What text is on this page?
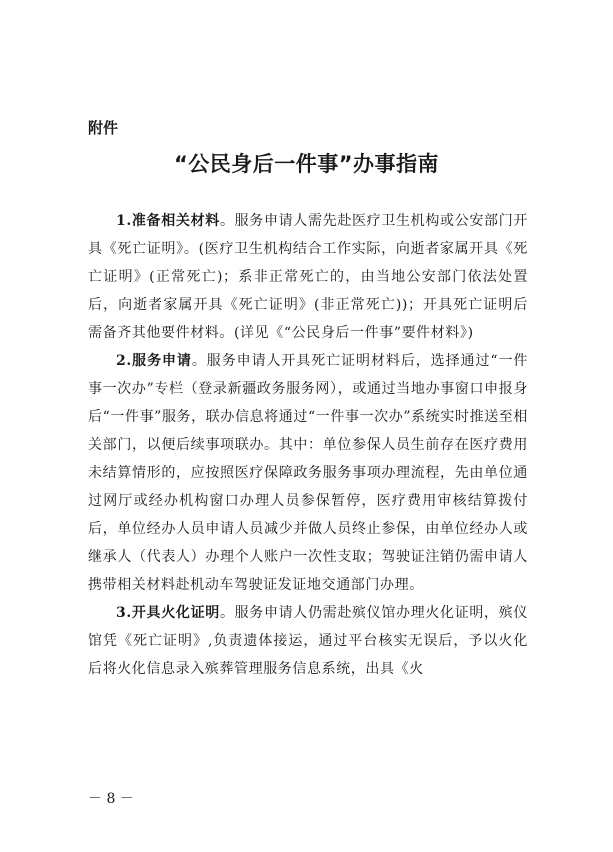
附件
“公民身后一件事”办事指南

1.准备相关材料。服务申请人需先赴医疗卫生机构或公安部门开具《死亡证明》。(医疗卫生机构结合工作实际，向逝者家属开具《死亡证明》(正常死亡)；系非正常死亡的，由当地公安部门依法处置后，向逝者家属开具《死亡证明》(非正常死亡))；开具死亡证明后需备齐其他要件材料。(详见《“公民身后一件事”要件材料》)

2.服务申请。服务申请人开具死亡证明材料后，选择通过“一件事一次办”专栏（登录新疆政务服务网），或通过当地办事窗口申报身后“一件事”服务，联办信息将通过“一件事一次办”系统实时推送至相关部门，以便后续事项联办。其中：单位参保人员生前存在医疗费用未结算情形的，应按照医疗保障政务服务事项办理流程，先由单位通过网厅或经办机构窗口办理人员参保暂停，医疗费用审核结算拨付后，单位经办人员申请人员减少并做人员终止参保，由单位经办人或继承人（代表人）办理个人账户一次性支取；驾驶证注销仍需申请人携带相关材料赴机动车驾驶证发证地交通部门办理。

3.开具火化证明。服务申请人仍需赴殡仪馆办理火化证明，殡仪馆凭《死亡证明》,负责遗体接运，通过平台核实无误后，予以火化后将火化信息录入殡葬管理服务信息系统，出具《火

－ 8 －
